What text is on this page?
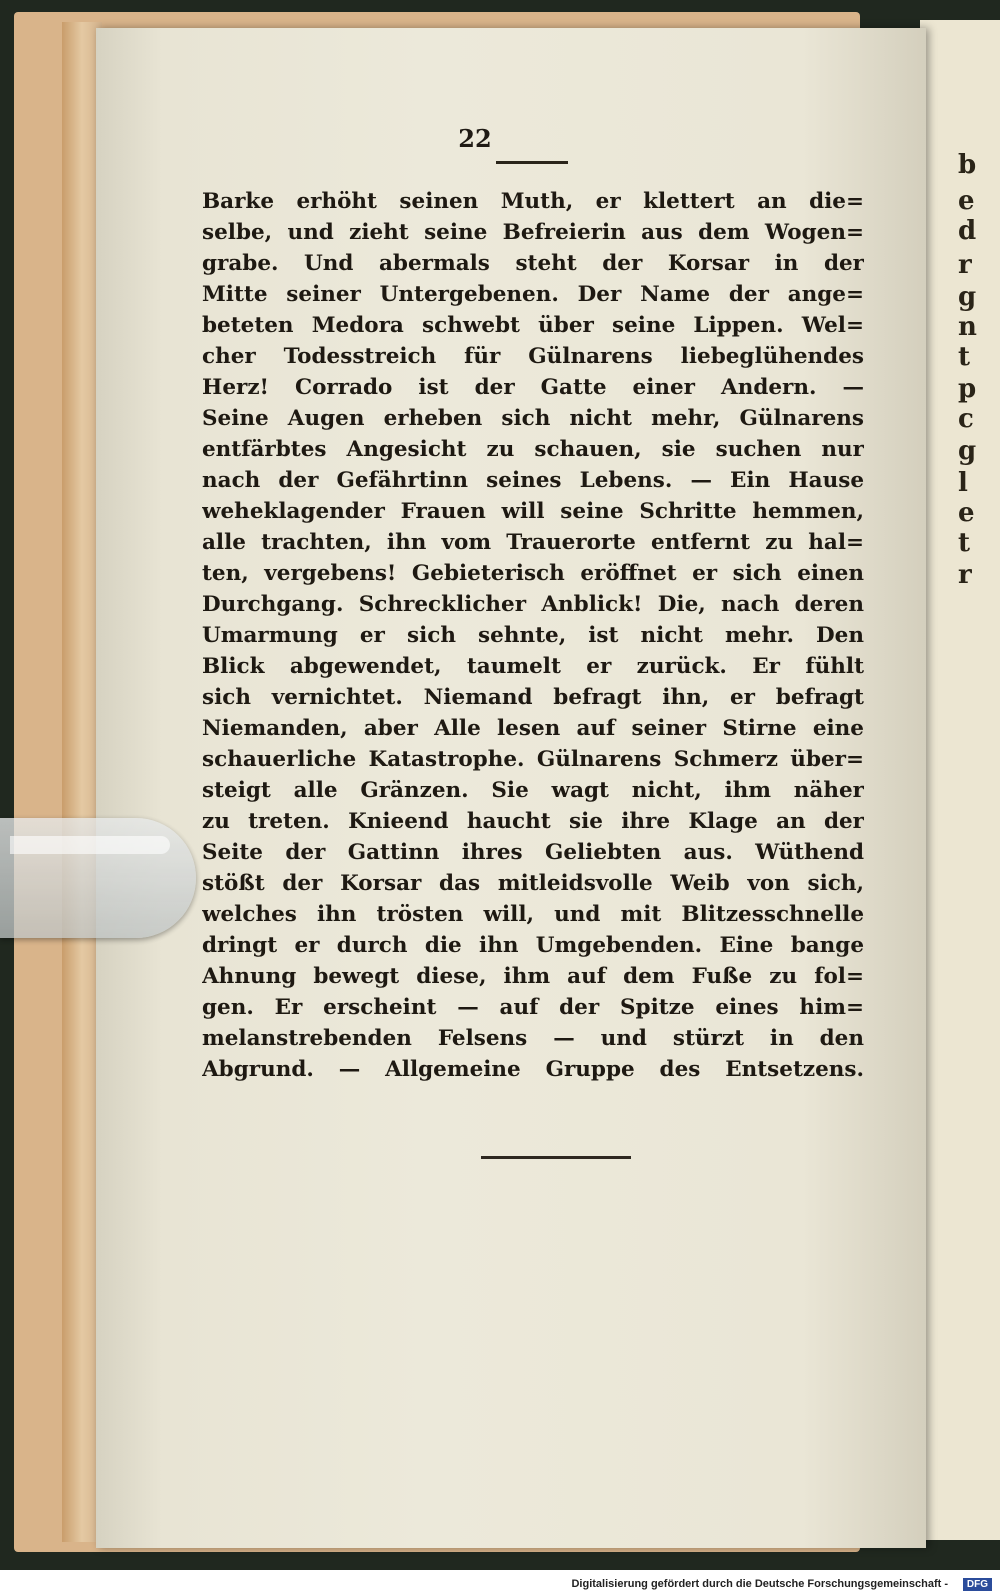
b
e
d
r
g
n
t
p
c
g
l
e
t
r
22
Barke erhöht seinen Muth, er klettert an die=
selbe, und zieht seine Befreierin aus dem Wogen=
grabe. Und abermals steht der Korsar in der
Mitte seiner Untergebenen. Der Name der ange=
beteten Medora schwebt über seine Lippen. Wel=
cher Todesstreich für Gülnarens liebeglühendes
Herz! Corrado ist der Gatte einer Andern. —
Seine Augen erheben sich nicht mehr, Gülnarens
entfärbtes Angesicht zu schauen, sie suchen nur
nach der Gefährtinn seines Lebens. — Ein Hause
weheklagender Frauen will seine Schritte hemmen,
alle trachten, ihn vom Trauerorte entfernt zu hal=
ten, vergebens! Gebieterisch eröffnet er sich einen
Durchgang. Schrecklicher Anblick! Die, nach deren
Umarmung er sich sehnte, ist nicht mehr. Den
Blick abgewendet, taumelt er zurück. Er fühlt
sich vernichtet. Niemand befragt ihn, er befragt
Niemanden, aber Alle lesen auf seiner Stirne eine
schauerliche Katastrophe. Gülnarens Schmerz über=
steigt alle Gränzen. Sie wagt nicht, ihm näher
zu treten. Knieend haucht sie ihre Klage an der
Seite der Gattinn ihres Geliebten aus. Wüthend
stößt der Korsar das mitleidsvolle Weib von sich,
welches ihn trösten will, und mit Blitzesschnelle
dringt er durch die ihn Umgebenden. Eine bange
Ahnung bewegt diese, ihm auf dem Fuße zu fol=
gen. Er erscheint — auf der Spitze eines him=
melanstrebenden Felsens — und stürzt in den
Abgrund. — Allgemeine Gruppe des Entsetzens.
Digitalisierung gefördert durch die Deutsche Forschungsgemeinschaft -	DFG
